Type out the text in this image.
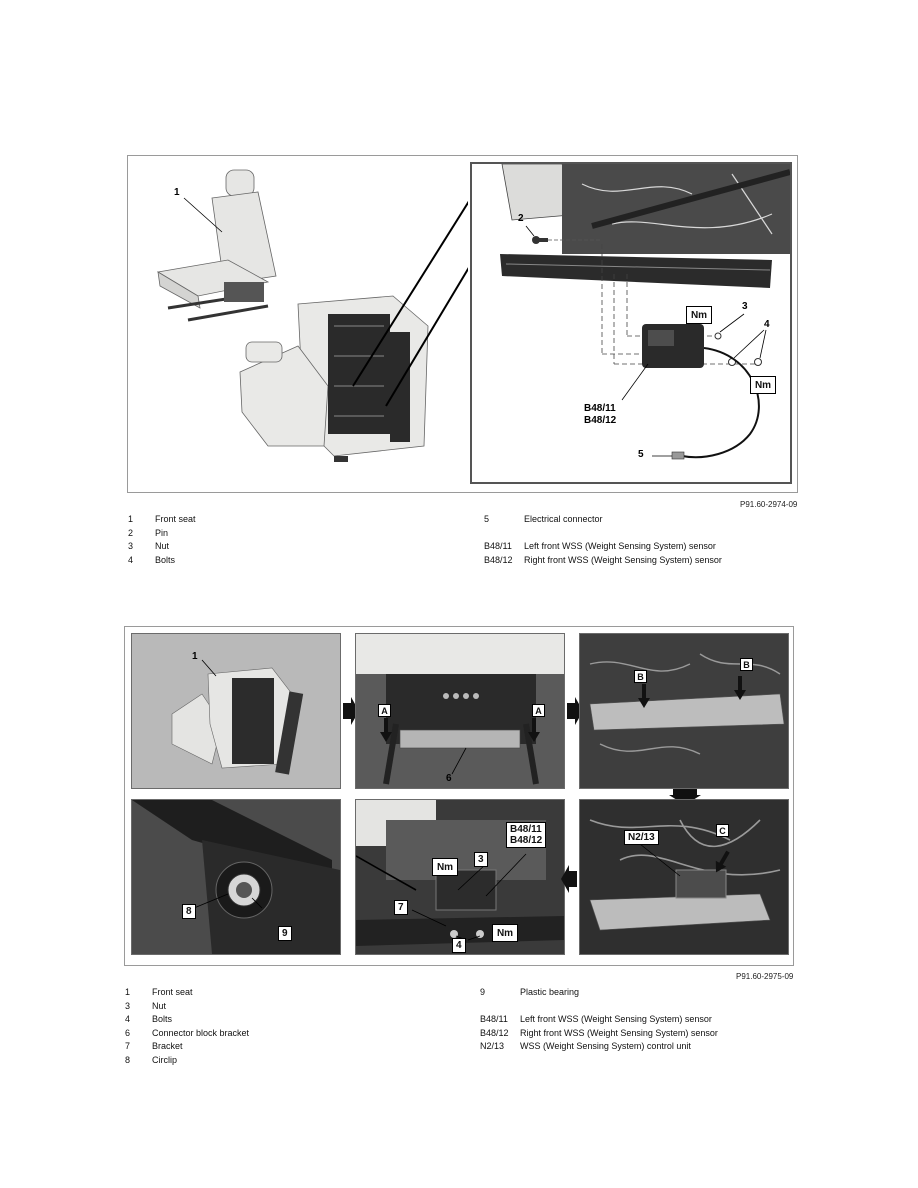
1
2
Nm
3
4
Nm
B48/11
B48/12
5
P91.60-2974-09
1	Front seat
2	Pin
3	Nut
4	Bolts
5	Electrical connector
B48/11	Left front WSS (Weight Sensing System) sensor
B48/12	Right front WSS (Weight Sensing System) sensor
1
A	A
6
B
B
8
9
Nm
3
B48/11
B48/12
7
4
Nm
N2/13
C
P91.60-2975-09
1	Front seat
3	Nut
4	Bolts
6	Connector block bracket
7	Bracket
8	Circlip
9	Plastic bearing
B48/11	Left front WSS (Weight Sensing System) sensor
B48/12	Right front WSS (Weight Sensing System) sensor
N2/13	WSS (Weight Sensing System) control unit
